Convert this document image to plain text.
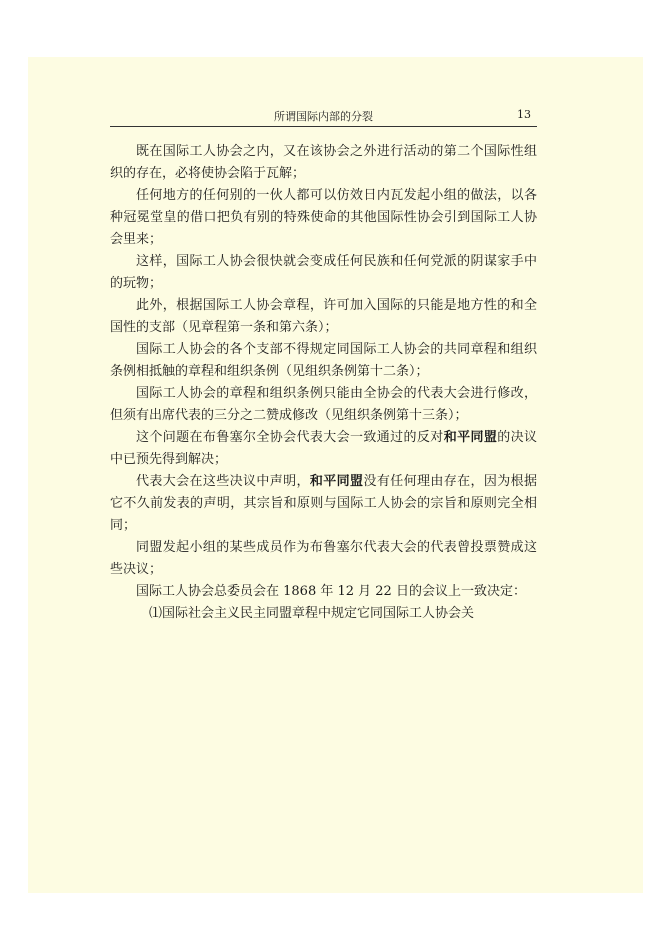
所谓国际内部的分裂	13

既在国际工人协会之内，又在该协会之外进行活动的第二个国际性组织的存在，必将使协会陷于瓦解；

任何地方的任何别的一伙人都可以仿效日内瓦发起小组的做法，以各种冠冕堂皇的借口把负有别的特殊使命的其他国际性协会引到国际工人协会里来；

这样，国际工人协会很快就会变成任何民族和任何党派的阴谋家手中的玩物；

此外，根据国际工人协会章程，许可加入国际的只能是地方性的和全国性的支部（见章程第一条和第六条）；

国际工人协会的各个支部不得规定同国际工人协会的共同章程和组织条例相抵触的章程和组织条例（见组织条例第十二条）；

国际工人协会的章程和组织条例只能由全协会的代表大会进行修改，但须有出席代表的三分之二赞成修改（见组织条例第十三条）；

这个问题在布鲁塞尔全协会代表大会一致通过的反对和平同盟的决议中已预先得到解决；

代表大会在这些决议中声明，和平同盟没有任何理由存在，因为根据它不久前发表的声明，其宗旨和原则与国际工人协会的宗旨和原则完全相同；

同盟发起小组的某些成员作为布鲁塞尔代表大会的代表曾投票赞成这些决议；

国际工人协会总委员会在 1868 年 12 月 22 日的会议上一致决定：

⑴国际社会主义民主同盟章程中规定它同国际工人协会关
